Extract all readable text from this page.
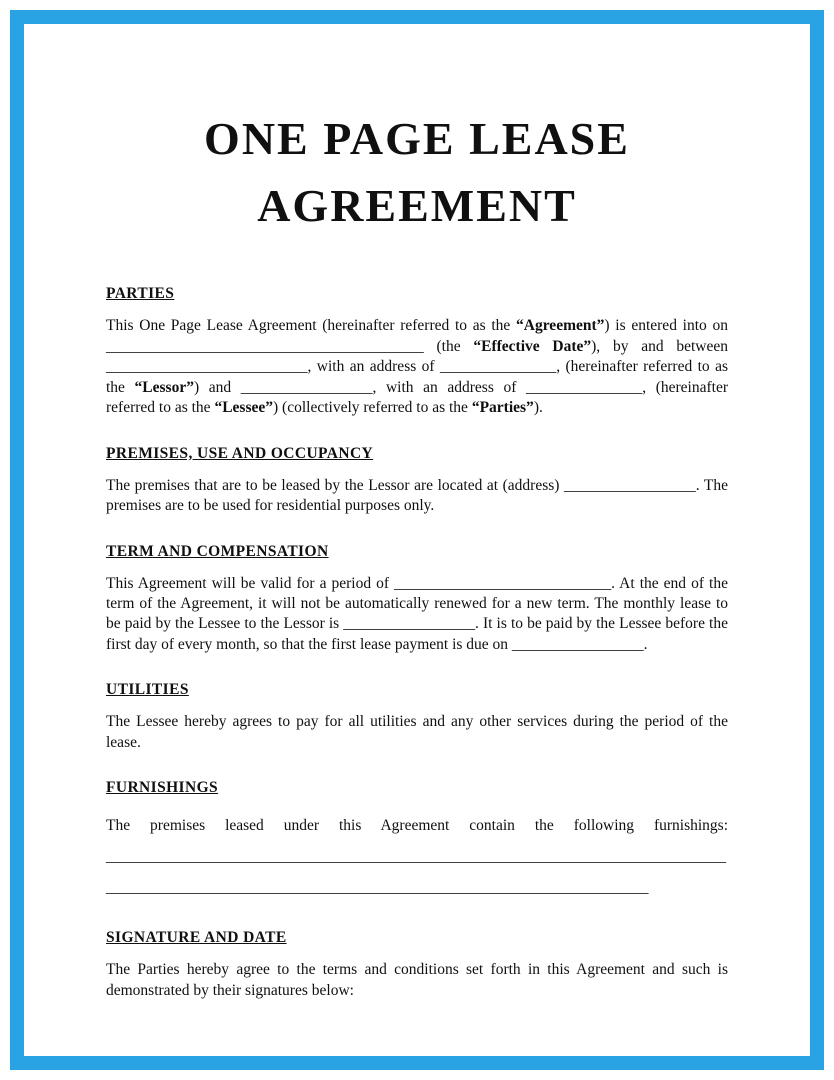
ONE PAGE LEASE
AGREEMENT
PARTIES

This One Page Lease Agreement (hereinafter referred to as the “Agreement”) is entered into on _________________________________________ (the “Effective Date”), by and between __________________________, with an address of _______________, (hereinafter referred to as the “Lessor”) and _________________, with an address of _______________, (hereinafter referred to as the “Lessee”) (collectively referred to as the “Parties”).

PREMISES, USE AND OCCUPANCY

The premises that are to be leased by the Lessor are located at (address) _________________. The premises are to be used for residential purposes only.

TERM AND COMPENSATION

This Agreement will be valid for a period of ____________________________. At the end of the term of the Agreement, it will not be automatically renewed for a new term. The monthly lease to be paid by the Lessee to the Lessor is _________________. It is to be paid by the Lessee before the first day of every month, so that the first lease payment is due on _________________.

UTILITIES

The Lessee hereby agrees to pay for all utilities and any other services during the period of the lease.

FURNISHINGS

The premises leased under this Agreement contain the following furnishings: ________________________________________________________________________________ ______________________________________________________________________

SIGNATURE AND DATE

The Parties hereby agree to the terms and conditions set forth in this Agreement and such is demonstrated by their signatures below:
